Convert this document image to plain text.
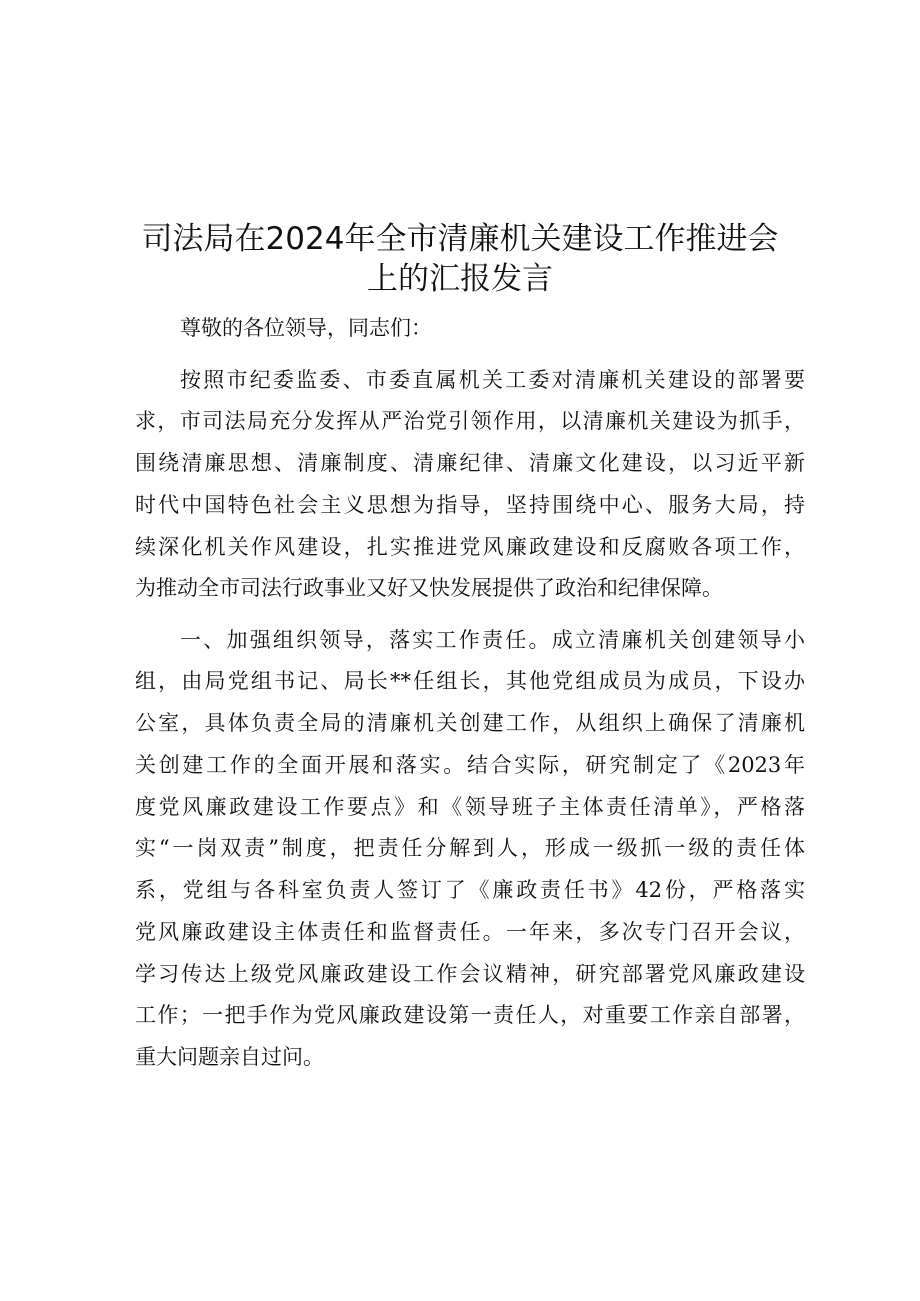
司法局在2024年全市清廉机关建设工作推进会
上的汇报发言
尊敬的各位领导，同志们：
按照市纪委监委、市委直属机关工委对清廉机关建设的部署要
求，市司法局充分发挥从严治党引领作用，以清廉机关建设为抓手，
围绕清廉思想、清廉制度、清廉纪律、清廉文化建设，以习近平新
时代中国特色社会主义思想为指导，坚持围绕中心、服务大局，持
续深化机关作风建设，扎实推进党风廉政建设和反腐败各项工作，
为推动全市司法行政事业又好又快发展提供了政治和纪律保障。
一、加强组织领导，落实工作责任。成立清廉机关创建领导小
组，由局党组书记、局长**任组长，其他党组成员为成员，下设办
公室，具体负责全局的清廉机关创建工作，从组织上确保了清廉机
关创建工作的全面开展和落实。结合实际，研究制定了《2023年
度党风廉政建设工作要点》和《领导班子主体责任清单》，严格落
实“一岗双责”制度，把责任分解到人，形成一级抓一级的责任体
系，党组与各科室负责人签订了《廉政责任书》42份，严格落实
党风廉政建设主体责任和监督责任。一年来，多次专门召开会议，
学习传达上级党风廉政建设工作会议精神，研究部署党风廉政建设
工作；一把手作为党风廉政建设第一责任人，对重要工作亲自部署，
重大问题亲自过问。
